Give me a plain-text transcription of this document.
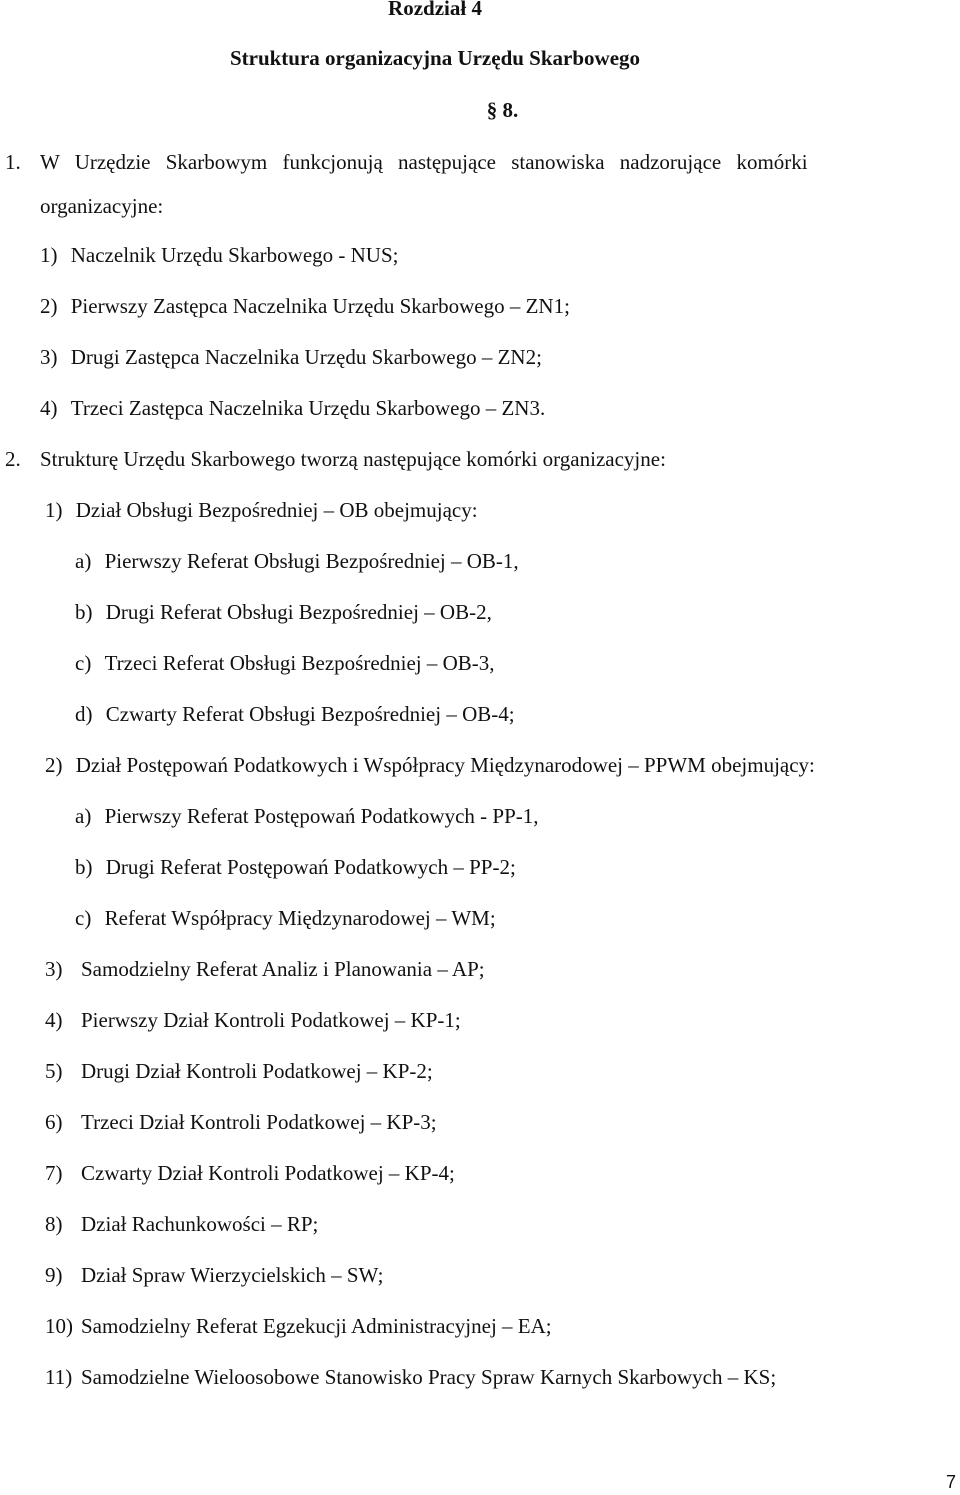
Rozdział 4
Struktura organizacyjna Urzędu Skarbowego
§ 8.
1. W Urzędzie Skarbowym funkcjonują następujące stanowiska nadzorujące komórki
organizacyjne:
1) Naczelnik Urzędu Skarbowego - NUS;
2) Pierwszy Zastępca Naczelnika Urzędu Skarbowego – ZN1;
3) Drugi Zastępca Naczelnika Urzędu Skarbowego – ZN2;
4) Trzeci Zastępca Naczelnika Urzędu Skarbowego – ZN3.
2. Strukturę Urzędu Skarbowego tworzą następujące komórki organizacyjne:
1) Dział Obsługi Bezpośredniej – OB obejmujący:
a) Pierwszy Referat Obsługi Bezpośredniej – OB-1,
b) Drugi Referat Obsługi Bezpośredniej – OB-2,
c) Trzeci Referat Obsługi Bezpośredniej – OB-3,
d) Czwarty Referat Obsługi Bezpośredniej – OB-4;
2) Dział Postępowań Podatkowych i Współpracy Międzynarodowej – PPWM obejmujący:
a) Pierwszy Referat Postępowań Podatkowych - PP-1,
b) Drugi Referat Postępowań Podatkowych – PP-2;
c) Referat Współpracy Międzynarodowej – WM;
3) Samodzielny Referat Analiz i Planowania – AP;
4) Pierwszy Dział Kontroli Podatkowej – KP-1;
5) Drugi Dział Kontroli Podatkowej – KP-2;
6) Trzeci Dział Kontroli Podatkowej – KP-3;
7) Czwarty Dział Kontroli Podatkowej – KP-4;
8) Dział Rachunkowości – RP;
9) Dział Spraw Wierzycielskich – SW;
10) Samodzielny Referat Egzekucji Administracyjnej – EA;
11) Samodzielne Wieloosobowe Stanowisko Pracy Spraw Karnych Skarbowych – KS;
7
